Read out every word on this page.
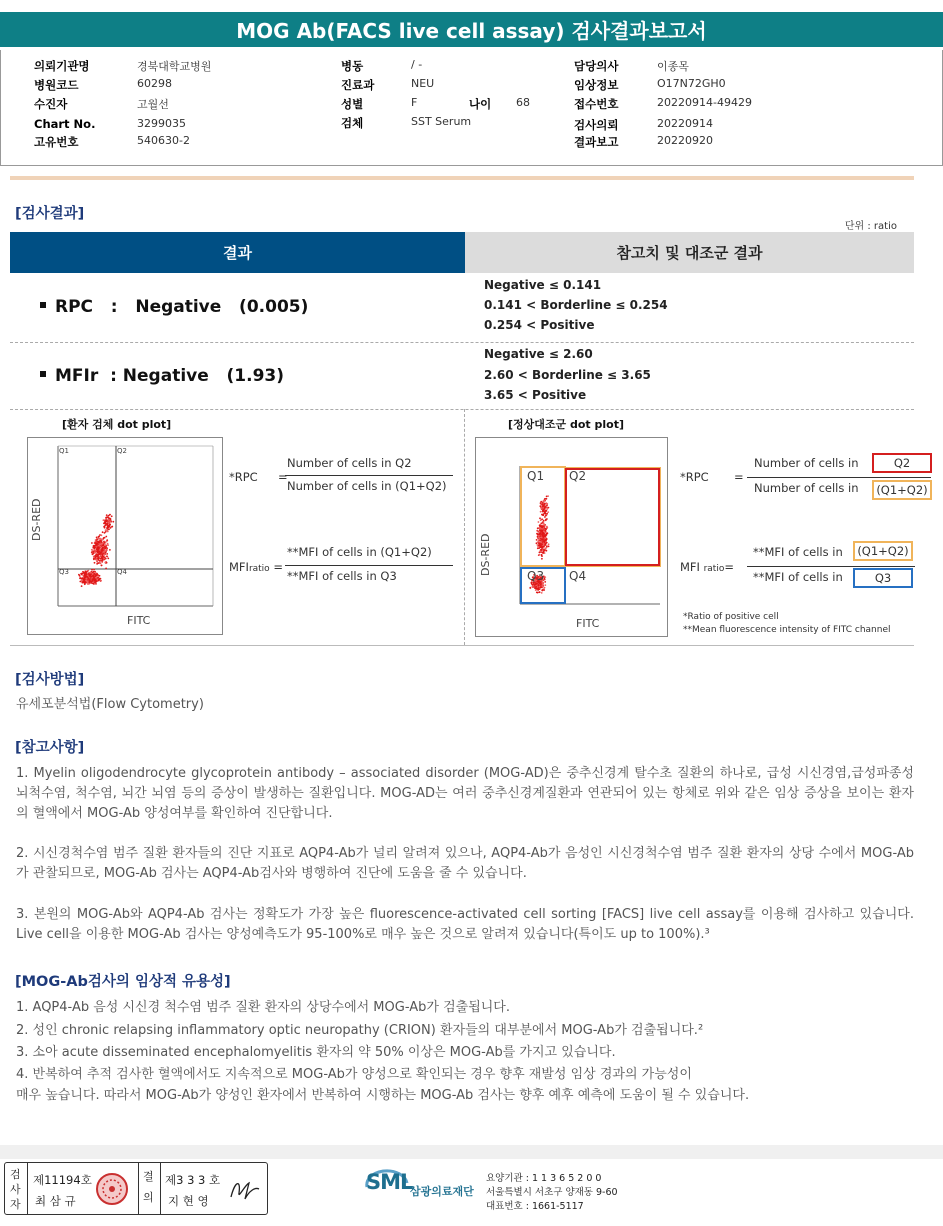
MOG Ab(FACS live cell assay) 검사결과보고서
의뢰기관명	경북대학교병원
병원코드	60298
수진자	고월선
Chart No.	3299035
고유번호	540630-2
병동	/ -
진료과	NEU
성별	F	나이 68
검체	SST Serum
담당의사	이종목
임상정보	O17N72GH0
접수번호	20220914-49429
검사의뢰	20220914
결과보고	20220920
[검사결과]
단위 : ratio
결과	참고치 및 대조군 결과
RPC   :   Negative   (0.005)
Negative ≤ 0.141
0.141 < Borderline ≤ 0.254
0.254 < Positive
MFIr  : Negative   (1.93)
Negative ≤ 2.60
2.60 < Borderline ≤ 3.65
3.65 < Positive
[환자 검체 dot plot]
DS-RED
FITC
Q3	Q4
Q1	Q2
*RPC =
Number of cells in Q2
Number of cells in (Q1+Q2)
MFIratio =
**MFI of cells in (Q1+Q2)
**MFI of cells in Q3
[정상대조군 dot plot]
DS-RED
FITC
Q1 Q2
Q3 Q4
*RPC =
Number of cells in	Q2
Number of cells in	(Q1+Q2)
MFI ratio=
**MFI of cells in	(Q1+Q2)
**MFI of cells in	Q3
*Ratio of positive cell
**Mean fluorescence intensity of FITC channel
[검사방법]
유세포분석법(Flow Cytometry)
[참고사항]
1. Myelin oligodendrocyte glycoprotein antibody – associated disorder (MOG-AD)은 중추신경계 탈수초 질환의 하나로, 급성 시신경염,급성파종성 뇌척수염, 척수염, 뇌간 뇌염 등의 증상이 발생하는 질환입니다. MOG-AD는 여러 중추신경계질환과 연관되어 있는 항체로 위와 같은 임상 증상을 보이는 환자의 혈액에서 MOG-Ab 양성여부를 확인하여 진단합니다.
2. 시신경척수염 범주 질환 환자들의 진단 지표로 AQP4-Ab가 널리 알려져 있으나, AQP4-Ab가 음성인 시신경척수염 범주 질환 환자의 상당 수에서 MOG-Ab가 관찰되므로, MOG-Ab 검사는 AQP4-Ab검사와 병행하여 진단에 도움을 줄 수 있습니다.
3. 본원의 MOG-Ab와 AQP4-Ab 검사는 정확도가 가장 높은 fluorescence-activated cell sorting [FACS] live cell assay를 이용해 검사하고 있습니다. Live cell을 이용한 MOG-Ab 검사는 양성예측도가 95-100%로 매우 높은 것으로 알려져 있습니다(특이도 up to 100%).³
[MOG-Ab검사의 임상적 유용성]
1. AQP4-Ab 음성 시신경 척수염 범주 질환 환자의 상당수에서 MOG-Ab가 검출됩니다.
2. 성인 chronic relapsing inflammatory optic neuropathy (CRION) 환자들의 대부분에서 MOG-Ab가 검출됩니다.²
3. 소아 acute disseminated encephalomyelitis 환자의 약 50% 이상은 MOG-Ab를 가지고 있습니다.
4. 반복하여 추적 검사한 혈액에서도 지속적으로 MOG-Ab가 양성으로 확인되는 경우 향후 재발성 임상 경과의 가능성이
매우 높습니다. 따라서 MOG-Ab가 양성인 환자에서 반복하여 시행하는 MOG-Ab 검사는 향후 예후 예측에 도움이 될 수 있습니다.
검
사
자
제11194호
최 삼 규
결
의
제3 3 3 호
지 현 영
SML
삼광의료재단
요양기관 : 1 1 3 6 5 2 0 0
서울특별시 서초구 양재동 9-60
대표번호 : 1661-5117
